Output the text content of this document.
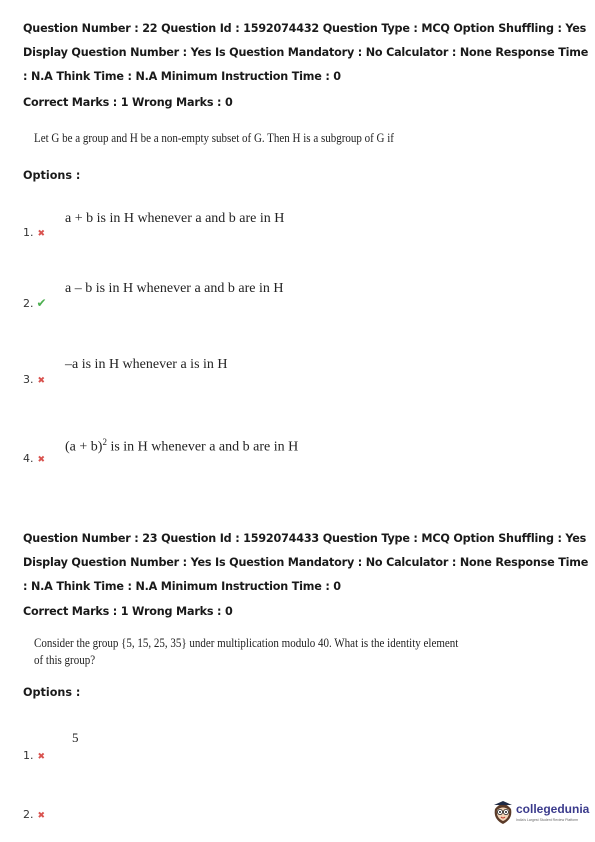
Question Number : 22 Question Id : 1592074432 Question Type : MCQ Option Shuffling : Yes
Display Question Number : Yes Is Question Mandatory : No Calculator : None Response Time
: N.A Think Time : N.A Minimum Instruction Time : 0
Correct Marks : 1 Wrong Marks : 0
Let G be a group and H be a non-empty subset of G. Then H is a subgroup of G if
Options :
1. ✖
a + b is in H whenever a and b are in H
2. ✔
a – b is in H whenever a and b are in H
3. ✖
–a is in H whenever a is in H
4. ✖
$(a + b)^2$ is in H whenever a and b are in H
Question Number : 23 Question Id : 1592074433 Question Type : MCQ Option Shuffling : Yes
Display Question Number : Yes Is Question Mandatory : No Calculator : None Response Time
: N.A Think Time : N.A Minimum Instruction Time : 0
Correct Marks : 1 Wrong Marks : 0
Consider the group {5, 15, 25, 35} under multiplication modulo 40. What is the identity element
of this group?
Options :
1. ✖
5
2. ✖	collegedunia
India's Largest Student Review Platform
